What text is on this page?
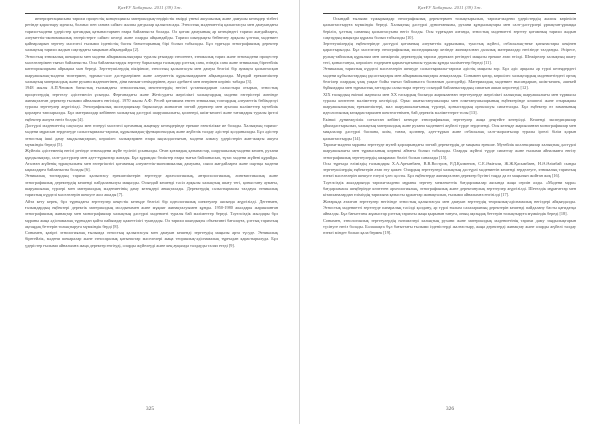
ҚазҰУ Хабаршы. 2011 (39) 3ж.
интерпретациясына тарихи процестің концепциясы материалдық-өндірістік өмірді үнемі ашушылық және дамушы кезеңдер тізбегі ретінде қарастыру идеясы, болмыс пен санаға сәйкес жалпы дағдылар қалыптасады. Этностық мәдениеттің қалыптасуы мен дамуындағы тарихи-мәдени үдерістер қоғамдық қатынастармен өзара байланыста болады. Ол қоғам дамуының әр кезеңіндегі тарихи жағдайларға, әлеуметтік-экономикалық өзгерістерге сәйкес келеді және оларды айқындайды. Тарихи шындықты бейнелеу арқылы ұлттық мәдениет қайнарларын зерттеу мәселесі ғылыми ізденістің басты бағыттарының бірі болып табылады. Бұл тұрғыда этнографиялық деректер халықтың тарихи жадын сақтаудағы маңызын айқындайды [2].
Этностың этникалық шекарасы мен мәдени айырмашылықтары туралы ұғымдар этногенез, этникалық тарих және этномәдени процестер мәселелерімен тығыз байланысты. Осы байланыстарды зерттеу барысында ғалымдар ұлттық сана, өзіндік сана және этникалық бірегейлік категорияларына айрықша мән береді. Зерттеушілердің пікірінше, этностың қалыптасуы мен дамуы белгілі бір аумақта қалыптасқан шаруашылық-мәдени типтермен, тұрмыс-салт дәстүрлерімен және әлеуметтік құрылымдармен айқындалады. Мұндай ерекшеліктер халықтың материалдық және рухани мәдениетінен, діни наным-сенімдерінен, ауыз әдебиеті мен өнерінен көрініс табады [3].
1948 жылы А.П.Чешков батыстық ғылымдағы этнологиялық мектептердің негізгі ұстанымдарын салыстыра отырып, этностық процестердің зерттелу әдістемесін ұсынды. Ферғанадағы және Жетісудағы жергілікті халықтардың мәдени өзгерістері жөнінде жинақталған деректер ғылыми айналымға енгізілді. 1970 жылы А.Ф. Ресей қоғамына енген этникалық топтардың әлеуметтік бейімделуі туралы зерттеулер жүргізілді. Этнографиялық экспедициялар барысында жиналған заттай деректер мен ауызша мәліметтер музейлік қорларға тапсырылды. Бұл материалдар кейіннен халықтың дәстүрлі шаруашылығы, қолөнері, киім-кешегі және тағамдары туралы іргелі еңбектер жазуға негіз болды [4].
Дәстүрлі мәдениеттің сақталуы мен өзгеруі мәселесі қоғамның жаңғыру кезеңдерінде ерекше өзектілікке ие болады. Халықтың тарихи-мәдени мұрасын зерделеуде салыстырмалы-тарихи, құрылымдық-функционалдық және жүйелік талдау әдістері қолданылады. Бұл әдістер этностың ішкі даму заңдылықтарын, көршілес халықтармен өзара ықпалдастығын, мәдени алмасу үдерістерін жан-жақты ашуға мүмкіндік береді [5].
Жүйелік әдістеменің негізі ретінде этномәдени жүйе түсінігі ұсынылды. Оған қоғамдық қатынастар, шаруашылық-мәдени кешен, рухани құндылықтар, салт-дәстүрлер мен әдет-ғұрыптар жатады. Бұл құрамдас бөліктер өзара тығыз байланысып, тұтас мәдени жүйені құрайды. Аталған жүйенің тұрақтылығы мен өзгергіштігі қоғамның әлеуметтік-экономикалық дамуына, саяси жағдайларға және сыртқы мәдени ықпалдарға байланысты болады [6].
Этникалық топтардың тарихи қалыптасу ерекшеліктерін зерттеуде археологиялық, антропологиялық, лингвистикалық және этнографиялық деректердің кешенді пайдаланылуы маңызды. Осындай кешенді тәсіл арқылы халықтың шығу тегі, қоныстану аумағы, шаруашылық түрлері мен материалдық мәдениетінің даму кезеңдері анықталады. Деректердің салыстырмалы талдауы этникалық тарихтың күрделі мәселелерін шешуге жол ашады [7].
Айта кету керек, бұл тұрғыдағы зерттеулер кеңестік кезеңде белгілі бір идеологиялық шектеулер аясында жүргізілді. Дегенмен, ғалымдардың еңбектері деректік материалдың молдығымен және мұқият жинақталуымен құнды. 1950-1980 жылдары жарияланған этнографиялық жинақтар мен монографиялар халықтың дәстүрлі мәдениеті туралы бай мәліметтер береді. Тәуелсіздік жылдары бұл мұраны жаңа әдіснамалық тұрғыдан қайта пайымдау қажеттілігі туындады. Ол тарихи шындықты объективті бағалауға, ұлттық тарихтың ақтаңдақ беттерін толықтыруға мүмкіндік берді [8].
Сонымен, қазіргі этнологиялық ғылымда этностың қалыптасуы мен дамуын кешенді зерттеудің маңызы арта түсуде. Этникалық бірегейлік, мәдени шекаралар және этносаралық қатынастар мәселелері жаңа теориялық-әдіснамалық тұрғыдан қарастырылуда. Бұл үдерістер ғылыми айналымға жаңа деректер енгізуді, оларды жүйелеуді және кең ауқымда талдауды талап етеді [9].
325
ҚазҰУ Хабаршы. 2011 (39) 3ж.
Осындай ғылыми тұжырымдар этнографиялық деректермен толықтырылып, тарихи-мәдени үдерістердің жалпы көрінісін қалыптастыруға мүмкіндік береді. Халықтың дәстүрлі дүниетанымы, рухани құндылықтары мен салт-дәстүрлері ұрпақтан-ұрпаққа беріліп, ұлттық сананың қалыптасуына негіз болды. Осы тұрғыдан алғанда, этностық мәдениетті зерттеу қоғамның тарихи жадын сақтаудың маңызды құралы болып табылады [10].
Зерттеушілердің еңбектерінде дәстүрлі қоғамның әлеуметтік құрылымы, туыстық жүйесі, отбасылық-неке қатынастары кеңінен қарастырылды. Бұл мәселелер этнографиялық экспедициялар кезінде жинақталған далалық материалдар негізінде талданды. Әсіресе, рулық-тайпалық құрылым мен шежірелік деректердің тарихи дереккөз ретіндегі маңызы ерекше атап өтілді. Шежірелер халықтың шығу тегі, қоныстануы, көршілес елдермен қарым-қатынасы туралы құнды мәліметтер береді [11].
Этникалық тарихтың күрделі мәселелерін шешуде салыстырмалы-тарихи әдістің маңызы зор. Бұл әдіс арқылы әр түрлі кезеңдердегі мәдени құбылыстардың ұқсастықтары мен айырмашылықтары анықталады. Сонымен қатар, көршілес халықтардың мәдениетіндегі ортақ белгілер олардың ұзақ уақыт бойы тығыз байланыста болғанын дәлелдейді. Материалдық мәдениет нысандарын, киім-кешек, әшекей бұйымдары мен тұрмыстық заттарды салыстыра зерттеу осындай байланыстардың сипатын ашып көрсетеді [12].
ХІХ ғасырдың екінші жартысы мен ХХ ғасырдың басында жарияланған зерттеулерде жергілікті халықтың шаруашылығы мен тұрмысы туралы көптеген мәліметтер келтірілді. Орыс шығыстанушылары мен өлкетанушыларының еңбектерінде көшпелі және отырықшы шаруашылықтың ерекшеліктері, мал шаруашылығының түрлері, қоныстардың орналасуы сипатталды. Бұл еңбектер өз заманының идеологиялық көзқарастарымен шектелгенімен, бай деректік мәліметтерге толы [13].
Екінші дүниежүзілік соғыстан кейінгі кезеңде этнографиялық зерттеулер жаңа деңгейге көтерілді. Кешенді экспедициялар ұйымдастырылып, халықтың материалдық және рухани мәдениеті жүйелі түрде зерделенді. Осы кезеңде жарияланған монографиялар мен мақалалар дәстүрлі баспана, киім, тағам, қолөнер, әдет-ғұрып және отбасылық салт-жоралғылар туралы іргелі білім қорын қалыптастырды [14].
Тарихи-мәдени мұраны зерттеуде музей қорларындағы заттай деректердің де маңызы ерекше. Музейлік коллекциялар халықтың дәстүрлі шаруашылығы мен тұрмысының көрнекі айғағы болып табылады. Оларды жүйелі түрде сипаттау және ғылыми айналымға енгізу этнографиялық зерттеулердің ажырамас бөлігі болып саналады [15].
Осы тұрғыда еліміздің ғалымдары Х.А.Арғынбаев, В.В.Востров, Р.Д.Қалменов, С.Е.Әжіғали, Ж.Ж.Қасымбаев, Н.Ә.Әлімбай сынды зерттеушілердің еңбектерін атап өту қажет. Олардың зерттеулері халықтың дәстүрлі мәдениетін кешенді зерделеуге, этникалық тарихтың өзекті мәселелерін шешуге елеулі үлес қосты. Бұл еңбектерде жинақталған деректер бүгінгі таңда да өз маңызын жойған жоқ [16].
Тәуелсіздік жылдарында тарихи-мәдени мұраны зерттеу мемлекеттік бағдарламалар аясында жаңа серпін алды. «Мәдени мұра» бағдарламасы шеңберінде көптеген археологиялық, этнографиялық және деректанулық зерттеулер жүргізілді. Шетелдік мұрағаттар мен кітапханалардан еліміздің тарихына қатысты құжаттар жинақталып, ғылыми айналымға енгізілді [17].
Жоғарыда аталған зерттеулер негізінде этностың қалыптасуы мен дамуын зерттеудің теориялық-әдіснамалық негіздері айқындалды. Этностық мәдениетті зерттеуде пәнаралық тәсілді қолдану, әр түрлі ғылым салаларының деректерін кешенді пайдалану басты қағидатқа айналды. Бұл бағыттағы жұмыстар ұлттық тарихты жаңа қырынан тануға, оның ақтаңдақ беттерін толықтыруға мүмкіндік береді [18].
Сонымен, этнологиялық зерттеулердің нәтижелері халықтың рухани және материалдық мәдениетінің тарихи даму заңдылықтарын түсінуге негіз болады. Болашақта бұл бағыттағы ғылыми ізденістерді жалғастыру, жаңа деректерді жинақтау және оларды жүйелі талдау өзекті міндет болып қала бермек [19].
326
